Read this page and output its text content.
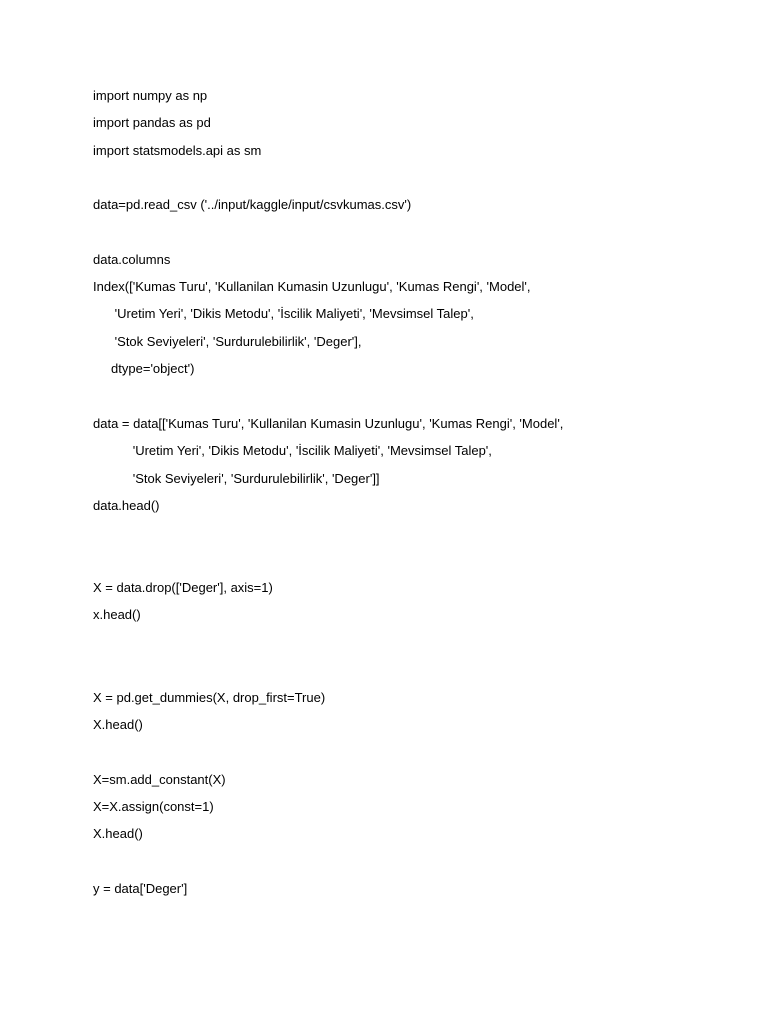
import numpy as np
import pandas as pd
import statsmodels.api as sm
data=pd.read_csv ('../input/kaggle/input/csvkumas.csv')
data.columns
Index(['Kumas Turu', 'Kullanilan Kumasin Uzunlugu', 'Kumas Rengi', 'Model',
'Uretim Yeri', 'Dikis Metodu', 'İscilik Maliyeti', 'Mevsimsel Talep',
'Stok Seviyeleri', 'Surdurulebilirlik', 'Deger'],
dtype='object')
data = data[['Kumas Turu', 'Kullanilan Kumasin Uzunlugu', 'Kumas Rengi', 'Model',
'Uretim Yeri', 'Dikis Metodu', 'İscilik Maliyeti', 'Mevsimsel Talep',
'Stok Seviyeleri', 'Surdurulebilirlik', 'Deger']]
data.head()
X = data.drop(['Deger'], axis=1)
x.head()
X = pd.get_dummies(X, drop_first=True)
X.head()
X=sm.add_constant(X)
X=X.assign(const=1)
X.head()
y = data['Deger']
